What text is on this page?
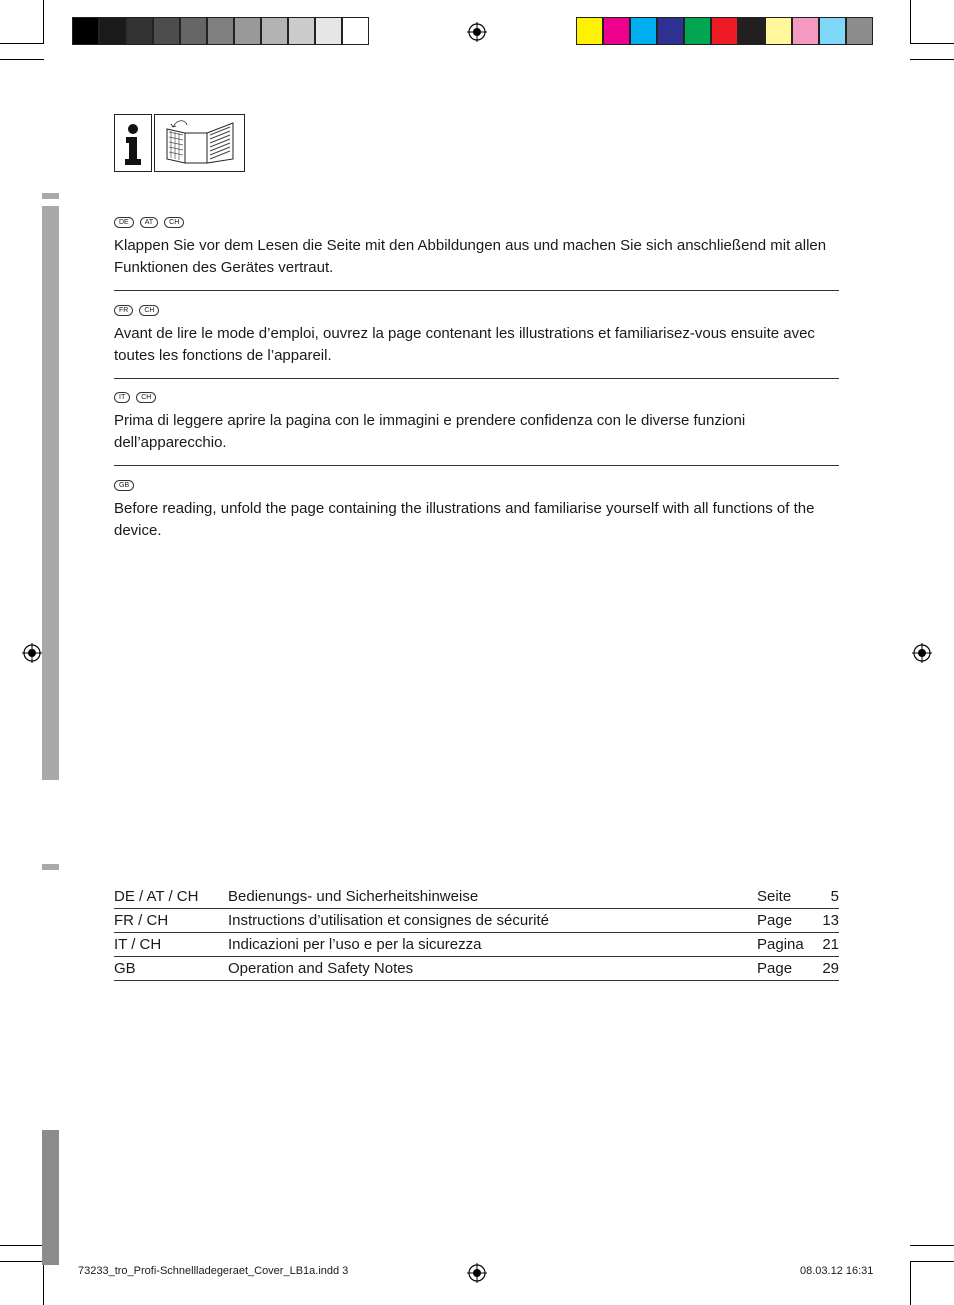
DE	AT	CH
Klappen Sie vor dem Lesen die Seite mit den Abbildungen aus und machen Sie sich anschließend mit allen Funktionen des Gerätes vertraut.
FR	CH
Avant de lire le mode d’emploi, ouvrez la page contenant les illustrations et familiarisez-vous ensuite avec toutes les fonctions de l’appareil.
IT	CH
Prima di leggere aprire la pagina con le immagini e prendere confidenza con le diverse funzioni dell’apparecchio.
GB
Before reading, unfold the page containing the illustrations and familiarise yourself with all functions of the device.
DE / AT / CH	Bedienungs- und Sicherheitshinweise	Seite	5
FR / CH	Instructions d’utilisation et consignes de sécurité	Page	13
IT / CH	Indicazioni per l’uso e per la sicurezza	Pagina	21
GB	Operation and Safety Notes	Page	29
73233_tro_Profi-Schnellladegeraet_Cover_LB1a.indd 3	08.03.12 16:31
